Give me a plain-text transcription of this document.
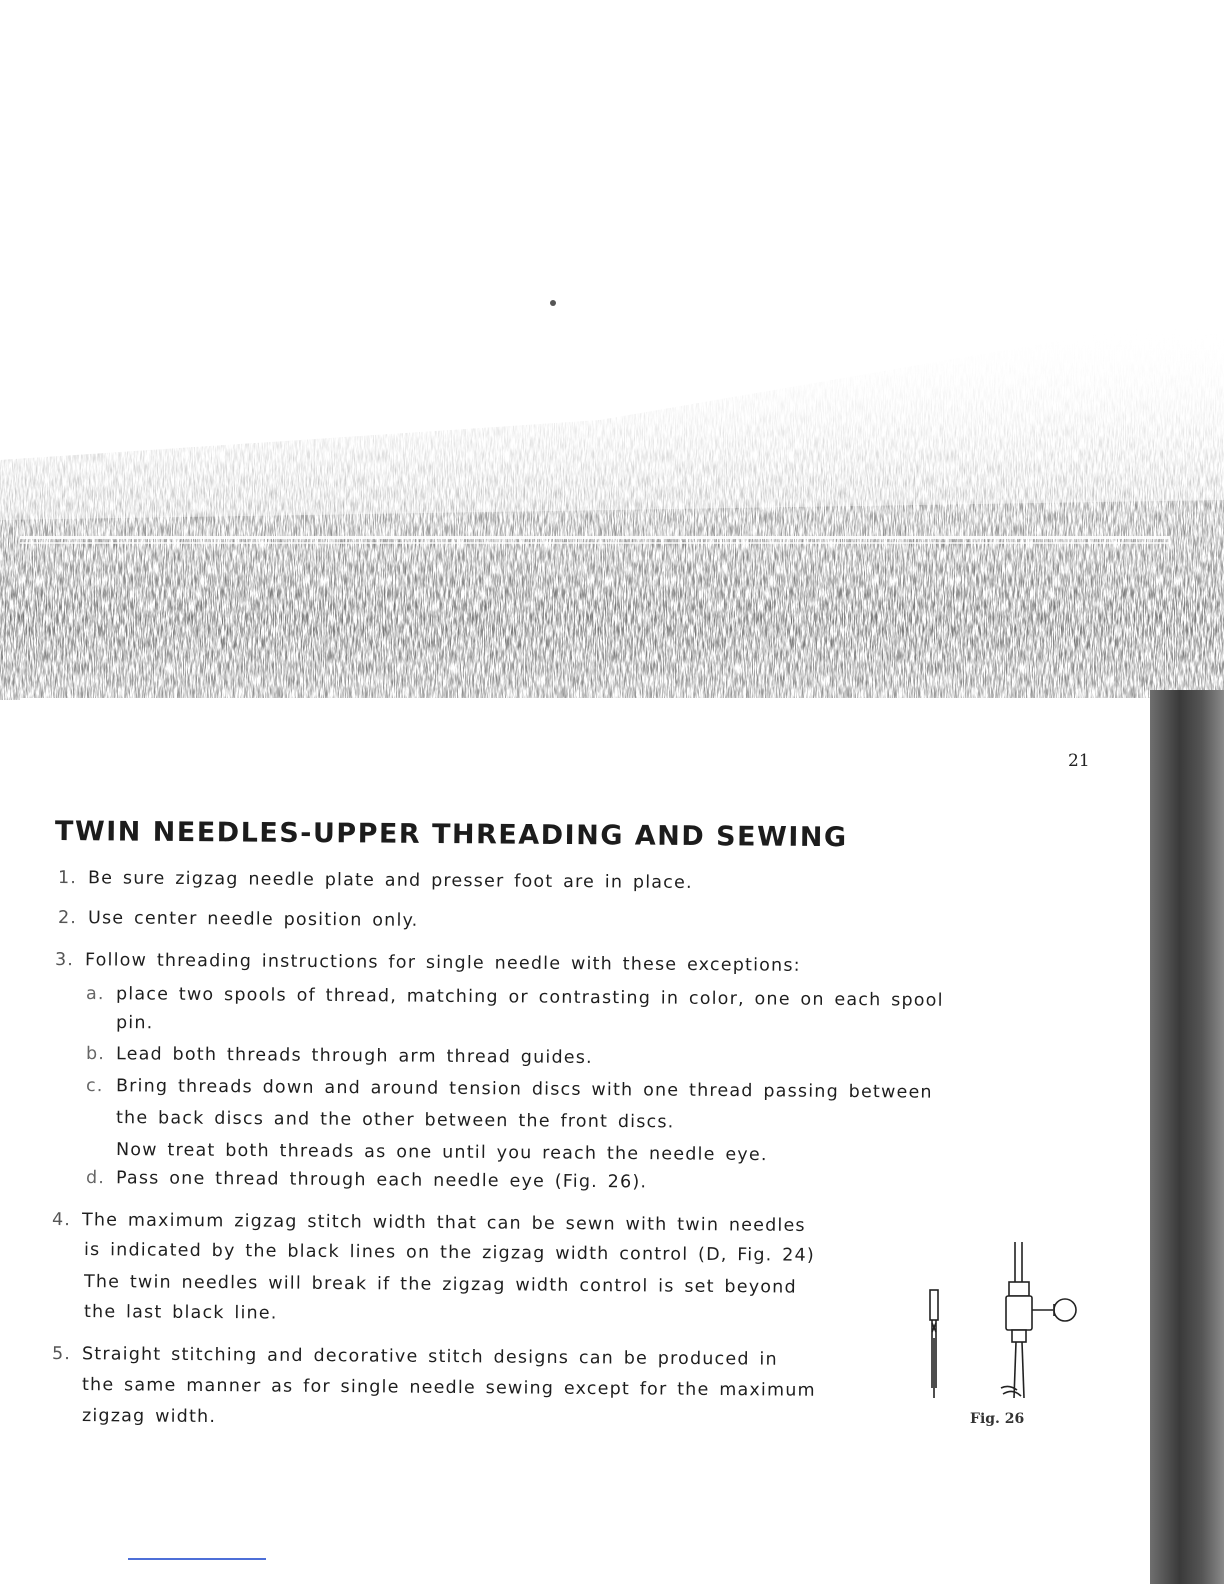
21
TWIN NEEDLES-UPPER THREADING AND SEWING
1. Be sure zigzag needle plate and presser foot are in place.
2. Use center needle position only.
3. Follow threading instructions for single needle with these exceptions:
a. place two spools of thread, matching or contrasting in color, one on each spool
pin.
b. Lead both threads through arm thread guides.
c. Bring threads down and around tension discs with one thread passing between
the back discs and the other between the front discs.
Now treat both threads as one until you reach the needle eye.
d. Pass one thread through each needle eye (Fig. 26).
4. The maximum zigzag stitch width that can be sewn with twin needles
is indicated by the black lines on the zigzag width control (D, Fig. 24)
The twin needles will break if the zigzag width control is set beyond
the last black line.
5. Straight stitching and decorative stitch designs can be produced in
the same manner as for single needle sewing except for the maximum
zigzag width.	Fig. 26
